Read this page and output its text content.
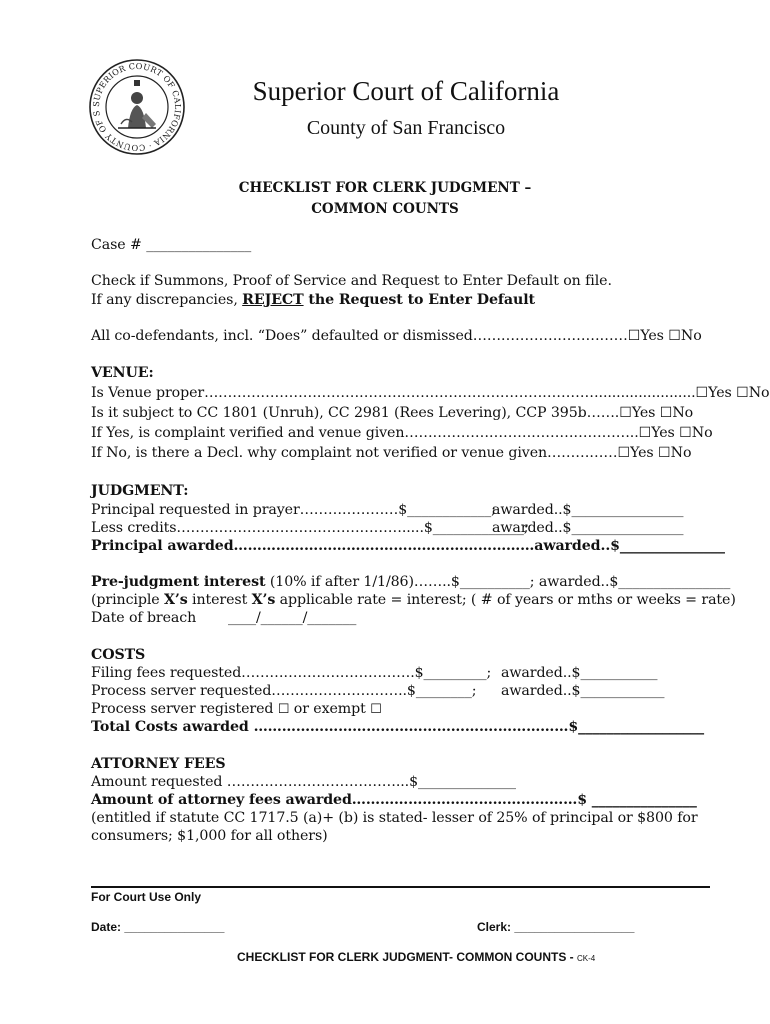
SUPERIOR COURT OF CALIFORNIA · COUNTY OF S
Superior Court of California
County of San Francisco
CHECKLIST FOR CLERK JUDGMENT –
COMMON COUNTS
Case # _______________
Check if Summons, Proof of Service and Request to Enter Default on file.
If any discrepancies, REJECT the Request to Enter Default
All co-defendants, incl. “Does” defaulted or dismissed……………………………☐Yes ☐No
VENUE:
Is Venue proper…………………………………………………………………………......................☐Yes ☐No
Is it subject to CC 1801 (Unruh), CC 2981 (Rees Levering), CCP 395b…….☐Yes ☐No
If Yes, is complaint verified and venue given…………………………………………..☐Yes ☐No
If No, is there a Decl. why complaint not verified or venue given……………☐Yes ☐No
JUDGMENT:
Principal requested in prayer…………………$____________;
awarded..$________________
Less credits………………………………………….....$_____________;
awarded..$________________
Principal awarded………………………….……………………………awarded..$_______________
Pre-judgment interest (10% if after 1/1/86)……..$__________; awarded..$________________
(principle X’s interest X’s applicable rate = interest; ( # of years or mths or weeks = rate)
Date of breach ____/______/_______
COSTS
Filing fees requested……………………………….$_________; awarded..$___________
Process server requested………………………..$________; awarded..$____________
Process server registered ☐ or exempt ☐
Total Costs awarded …………………………………………….……………$__________________
ATTORNEY FEES
Amount requested ………………………………...$______________
Amount of attorney fees awarded…………………………………………$ _______________
(entitled if statute CC 1717.5 (a)+ (b) is stated- lesser of 25% of principal or $800 for
consumers; $1,000 for all others)
For Court Use Only
Date: _______________	Clerk: __________________
CHECKLIST FOR CLERK JUDGMENT- COMMON COUNTS - CK-4
